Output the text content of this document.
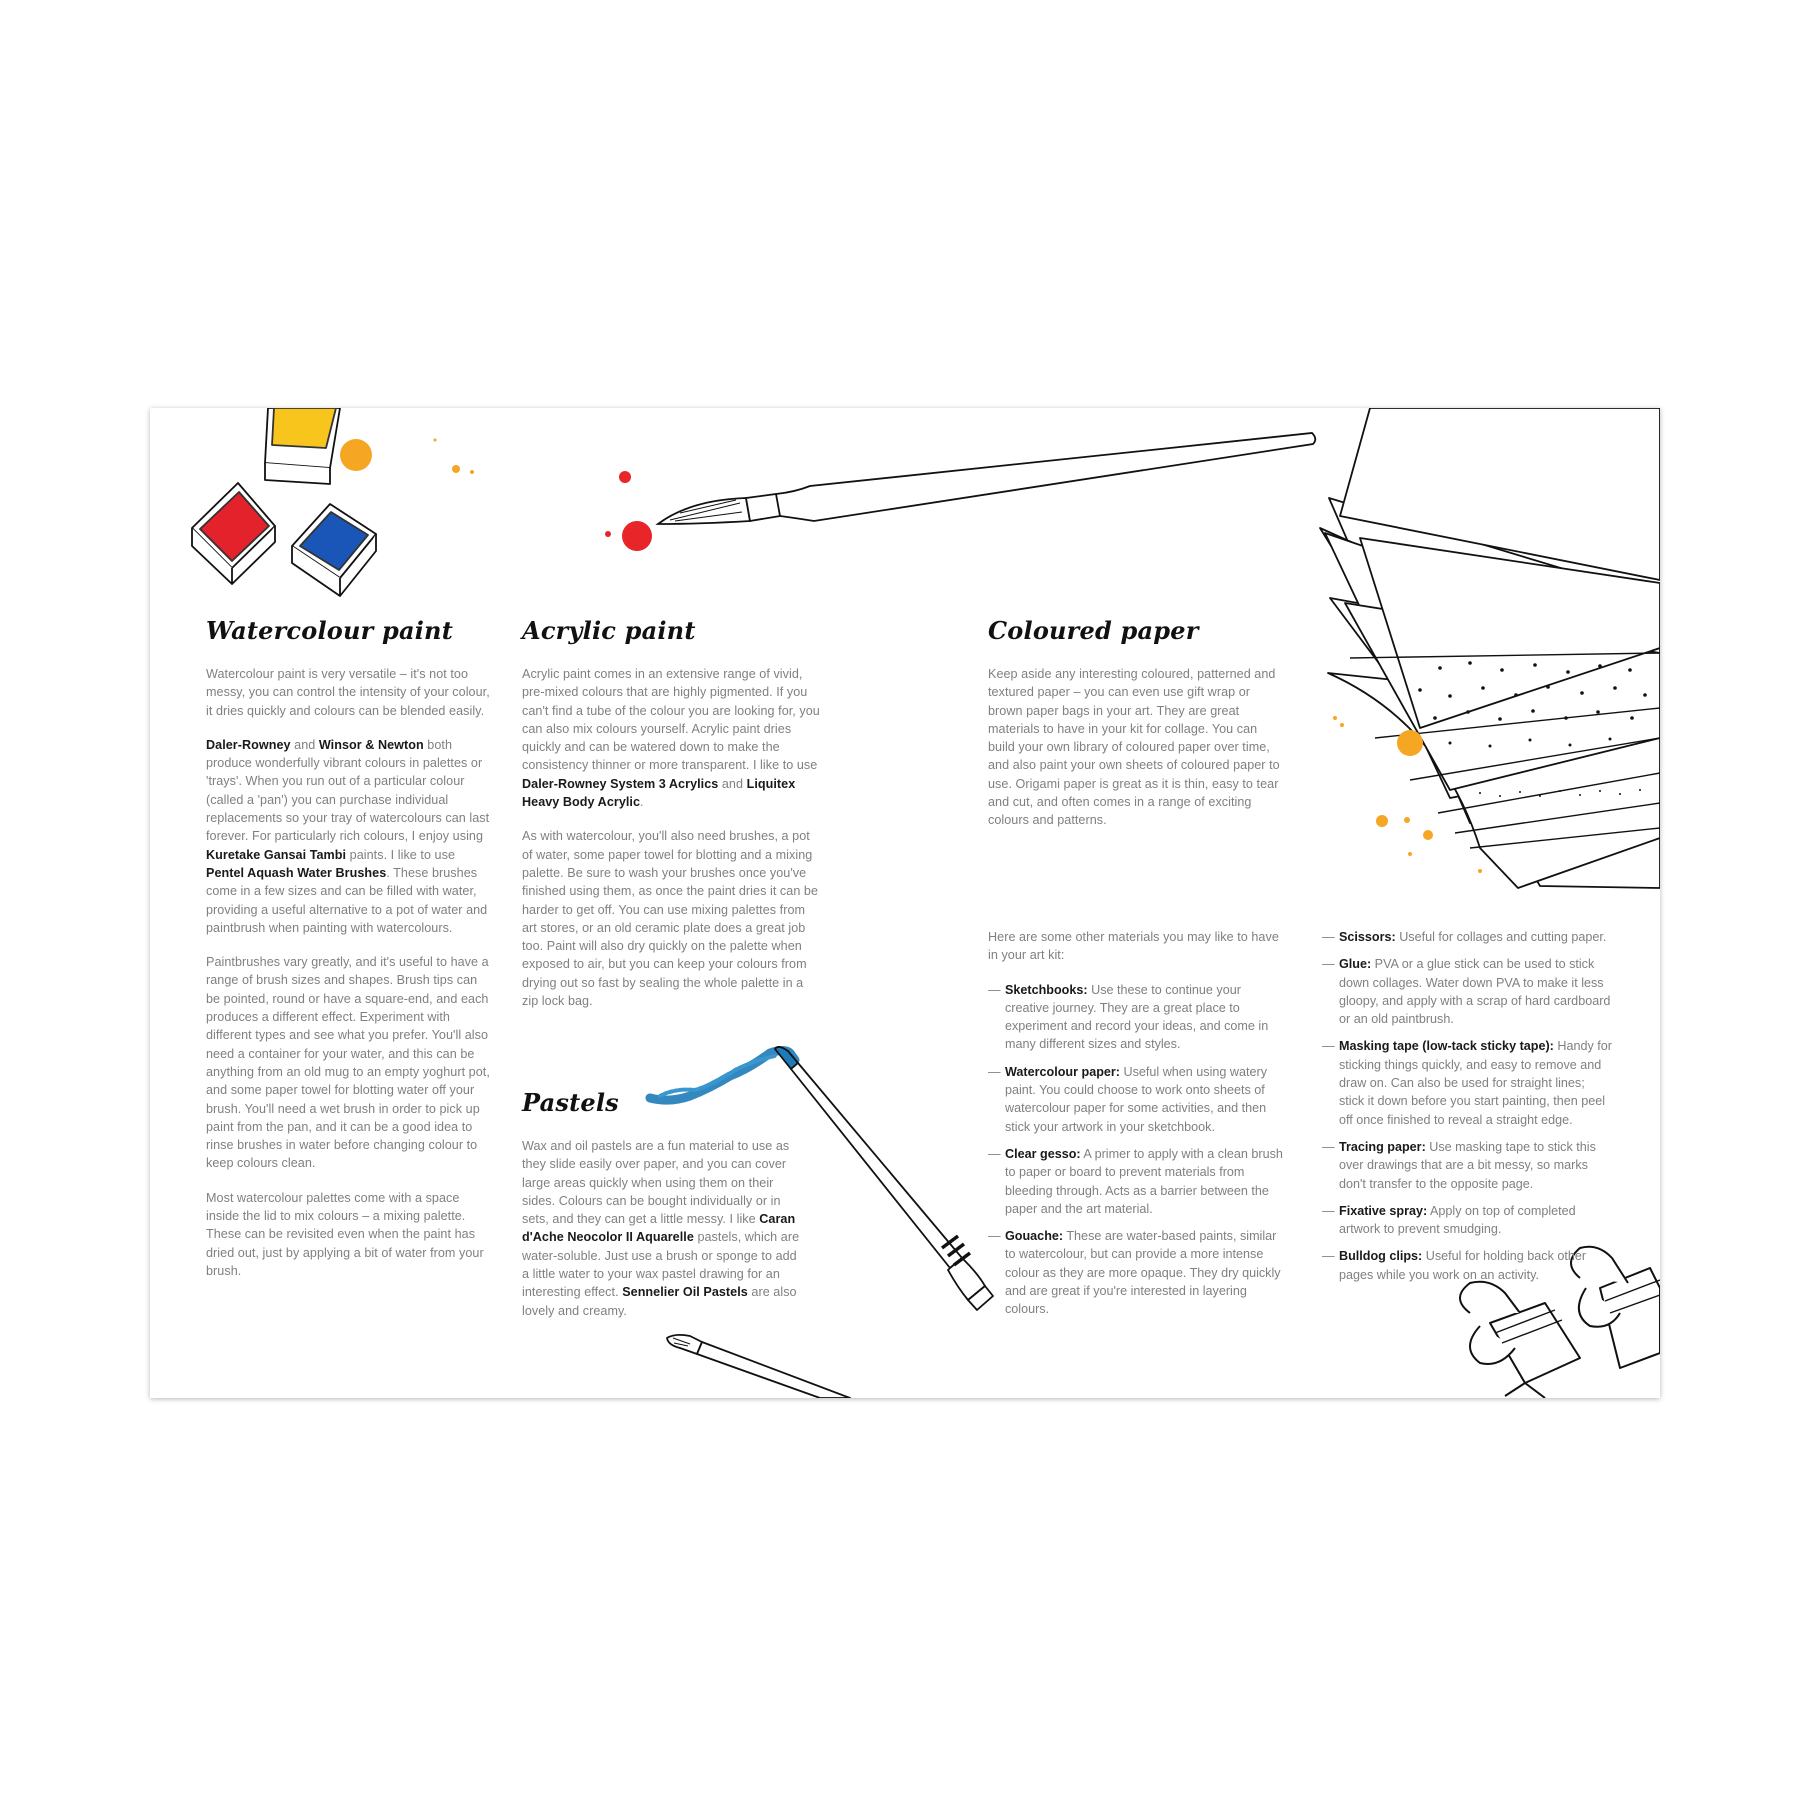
Watercolour paint

Watercolour paint is very versatile – it's not too messy, you can control the intensity of your colour, it dries quickly and colours can be blended easily.

Daler-Rowney and Winsor & Newton both produce wonderfully vibrant colours in palettes or 'trays'. When you run out of a particular colour (called a 'pan') you can purchase individual replacements so your tray of watercolours can last forever. For particularly rich colours, I enjoy using Kuretake Gansai Tambi paints. I like to use Pentel Aquash Water Brushes. These brushes come in a few sizes and can be filled with water, providing a useful alternative to a pot of water and paintbrush when painting with watercolours.

Paintbrushes vary greatly, and it's useful to have a range of brush sizes and shapes. Brush tips can be pointed, round or have a square-end, and each produces a different effect. Experiment with different types and see what you prefer. You'll also need a container for your water, and this can be anything from an old mug to an empty yoghurt pot, and some paper towel for blotting water off your brush. You'll need a wet brush in order to pick up paint from the pan, and it can be a good idea to rinse brushes in water before changing colour to keep colours clean.

Most watercolour palettes come with a space inside the lid to mix colours – a mixing palette. These can be revisited even when the paint has dried out, just by applying a bit of water from your brush.

Acrylic paint

Acrylic paint comes in an extensive range of vivid, pre-mixed colours that are highly pigmented. If you can't find a tube of the colour you are looking for, you can also mix colours yourself. Acrylic paint dries quickly and can be watered down to make the consistency thinner or more transparent. I like to use Daler-Rowney System 3 Acrylics and Liquitex Heavy Body Acrylic.

As with watercolour, you'll also need brushes, a pot of water, some paper towel for blotting and a mixing palette. Be sure to wash your brushes once you've finished using them, as once the paint dries it can be harder to get off. You can use mixing palettes from art stores, or an old ceramic plate does a great job too. Paint will also dry quickly on the palette when exposed to air, but you can keep your colours from drying out so fast by sealing the whole palette in a zip lock bag.

Pastels

Wax and oil pastels are a fun material to use as they slide easily over paper, and you can cover large areas quickly when using them on their sides. Colours can be bought individually or in sets, and they can get a little messy. I like Caran d'Ache Neocolor II Aquarelle pastels, which are water-soluble. Just use a brush or sponge to add a little water to your wax pastel drawing for an interesting effect. Sennelier Oil Pastels are also lovely and creamy.

Coloured paper

Keep aside any interesting coloured, patterned and textured paper – you can even use gift wrap or brown paper bags in your art. They are great materials to have in your kit for collage. You can build your own library of coloured paper over time, and also paint your own sheets of coloured paper to use. Origami paper is great as it is thin, easy to tear and cut, and often comes in a range of exciting colours and patterns.

Here are some other materials you may like to have in your art kit:

— Sketchbooks: Use these to continue your creative journey. They are a great place to experiment and record your ideas, and come in many different sizes and styles.
— Watercolour paper: Useful when using watery paint. You could choose to work onto sheets of watercolour paper for some activities, and then stick your artwork in your sketchbook.
— Clear gesso: A primer to apply with a clean brush to paper or board to prevent materials from bleeding through. Acts as a barrier between the paper and the art material.
— Gouache: These are water-based paints, similar to watercolour, but can provide a more intense colour as they are more opaque. They dry quickly and are great if you're interested in layering colours.
— Scissors: Useful for collages and cutting paper.
— Glue: PVA or a glue stick can be used to stick down collages. Water down PVA to make it less gloopy, and apply with a scrap of hard cardboard or an old paintbrush.
— Masking tape (low-tack sticky tape): Handy for sticking things quickly, and easy to remove and draw on. Can also be used for straight lines; stick it down before you start painting, then peel off once finished to reveal a straight edge.
— Tracing paper: Use masking tape to stick this over drawings that are a bit messy, so marks don't transfer to the opposite page.
— Fixative spray: Apply on top of completed artwork to prevent smudging.
— Bulldog clips: Useful for holding back other pages while you work on an activity.
